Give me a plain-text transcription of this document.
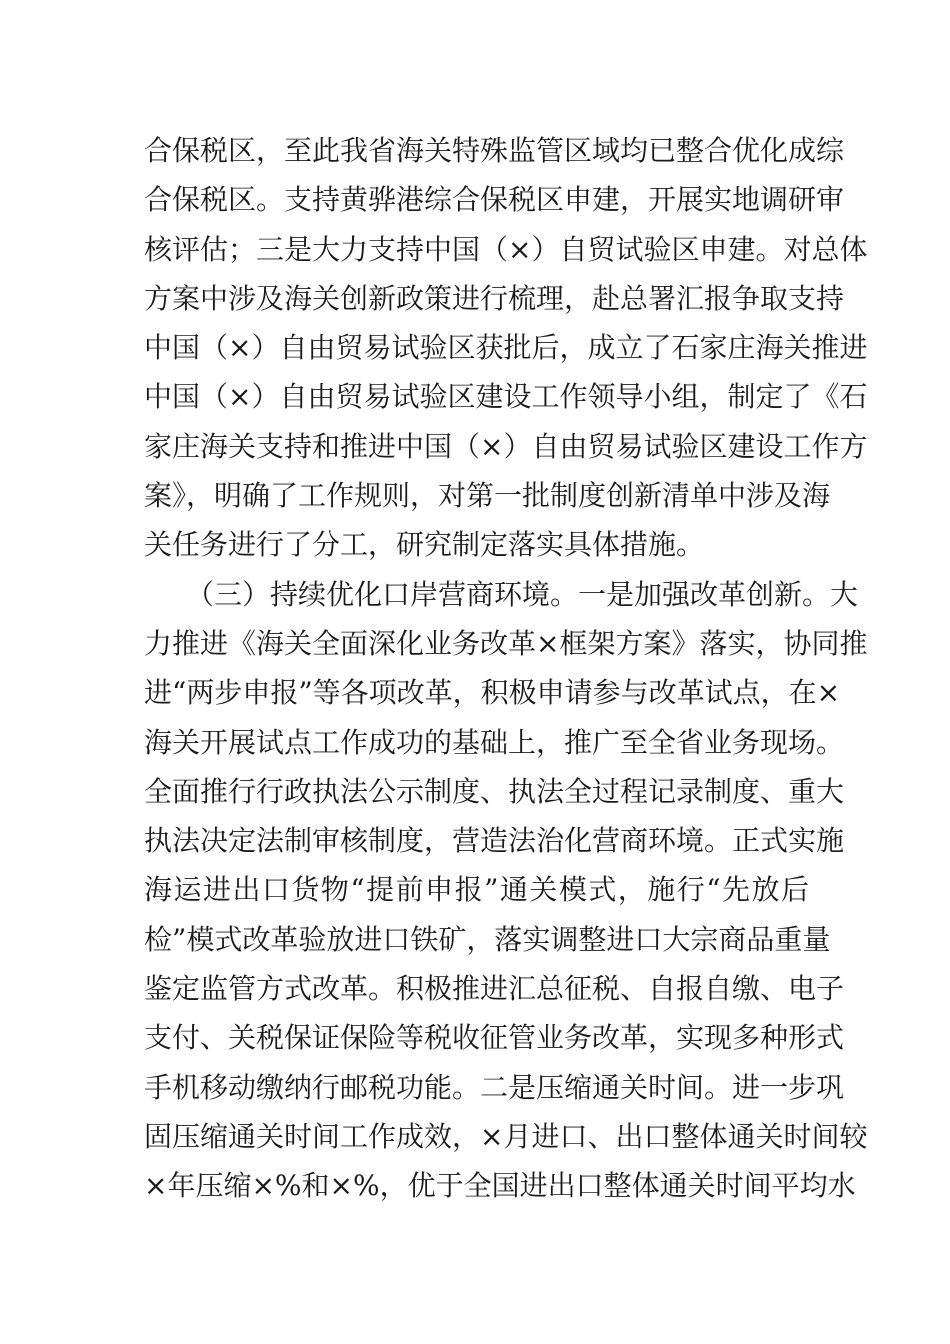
合保税区，至此我省海关特殊监管区域均已整合优化成综
合保税区。支持黄骅港综合保税区申建，开展实地调研审
核评估；三是大力支持中国（×）自贸试验区申建。对总体
方案中涉及海关创新政策进行梳理，赴总署汇报争取支持
中国（×）自由贸易试验区获批后，成立了石家庄海关推进
中国（×）自由贸易试验区建设工作领导小组，制定了《石
家庄海关支持和推进中国（×）自由贸易试验区建设工作方
案》，明确了工作规则，对第一批制度创新清单中涉及海
关任务进行了分工，研究制定落实具体措施。
　　（三）持续优化口岸营商环境。一是加强改革创新。大
力推进《海关全面深化业务改革×框架方案》落实，协同推
进“两步申报”等各项改革，积极申请参与改革试点，在×
海关开展试点工作成功的基础上，推广至全省业务现场。
全面推行行政执法公示制度、执法全过程记录制度、重大
执法决定法制审核制度，营造法治化营商环境。正式实施
海运进出口货物“提前申报”通关模式，施行“先放后
检”模式改革验放进口铁矿，落实调整进口大宗商品重量
鉴定监管方式改革。积极推进汇总征税、自报自缴、电子
支付、关税保证保险等税收征管业务改革，实现多种形式
手机移动缴纳行邮税功能。二是压缩通关时间。进一步巩
固压缩通关时间工作成效，×月进口、出口整体通关时间较
×年压缩×%和×%，优于全国进出口整体通关时间平均水
